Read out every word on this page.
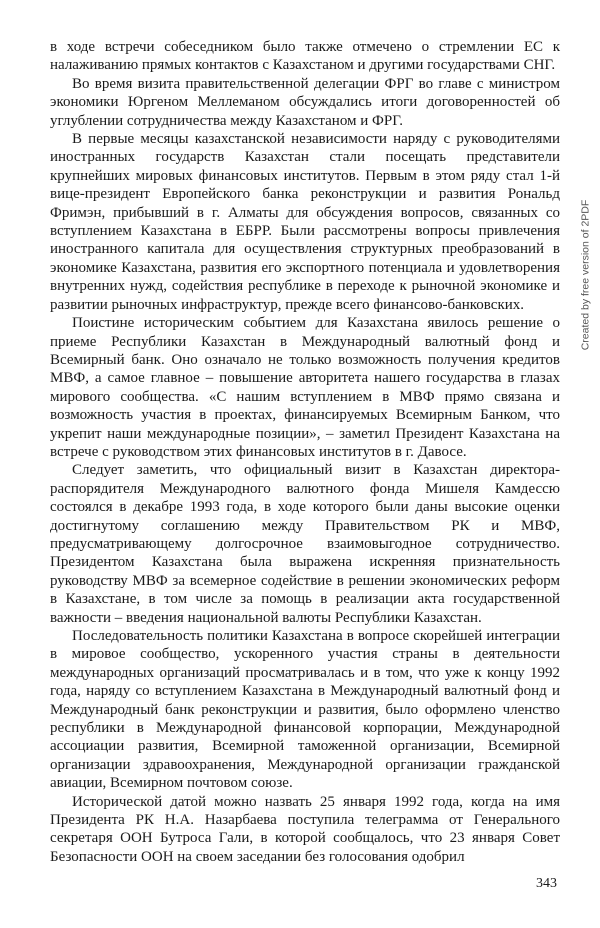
в ходе встречи собеседником было также отмечено о стремлении ЕС к налаживанию прямых контактов с Казахстаном и другими государствами СНГ.

Во время визита правительственной делегации ФРГ во главе с министром экономики Юргеном Меллеманом обсуждались итоги договоренностей об углублении сотрудничества между Казахстаном и ФРГ.

В первые месяцы казахстанской независимости наряду с руководителями иностранных государств Казахстан стали посещать представители крупнейших мировых финансовых институтов. Первым в этом ряду стал 1-й вице-президент Европейского банка реконструкции и развития Рональд Фримэн, прибывший в г. Алматы для обсуждения вопросов, связанных со вступлением Казахстана в ЕБРР. Были рассмотрены вопросы привлечения иностранного капитала для осуществления структурных преобразований в экономике Казахстана, развития его экспортного потенциала и удовлетворения внутренних нужд, содействия республике в переходе к рыночной экономике и развитии рыночных инфраструктур, прежде всего финансово-банковских.

Поистине историческим событием для Казахстана явилось решение о приеме Республики Казахстан в Международный валютный фонд и Всемирный банк. Оно означало не только возможность получения кредитов МВФ, а самое главное – повышение авторитета нашего государства в глазах мирового сообщества. «С нашим вступлением в МВФ прямо связана и возможность участия в проектах, финансируемых Всемирным Банком, что укрепит наши международные позиции», – заметил Президент Казахстана на встрече с руководством этих финансовых институтов в г. Давосе.

Следует заметить, что официальный визит в Казахстан директора-распорядителя Международного валютного фонда Мишеля Камдессю состоялся в декабре 1993 года, в ходе которого были даны высокие оценки достигнутому соглашению между Правительством РК и МВФ, предусматривающему долгосрочное взаимовыгодное сотрудничество. Президентом Казахстана была выражена искренняя признательность руководству МВФ за всемерное содействие в решении экономических реформ в Казахстане, в том числе за помощь в реализации акта государственной важности – введения национальной валюты Республики Казахстан.

Последовательность политики Казахстана в вопросе скорейшей интеграции в мировое сообщество, ускоренного участия страны в деятельности международных организаций просматривалась и в том, что уже к концу 1992 года, наряду со вступлением Казахстана в Международный валютный фонд и Международный банк реконструкции и развития, было оформлено членство республики в Международной финансовой корпорации, Международной ассоциации развития, Всемирной таможенной организации, Всемирной организации здравоохранения, Международной организации гражданской авиации, Всемирном почтовом союзе.

Исторической датой можно назвать 25 января 1992 года, когда на имя Президента РК Н.А. Назарбаева поступила телеграмма от Генерального секретаря ООН Бутроса Гали, в которой сообщалось, что 23 января Совет Безопасности ООН на своем заседании без голосования одобрил

Created by free version of 2PDF
343
